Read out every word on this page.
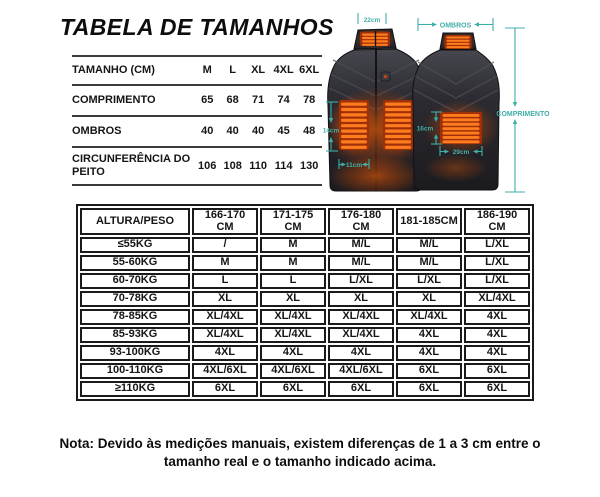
TABELA DE TAMANHOS
TAMANHO (CM)	M	L	XL	4XL	6XL
COMPRIMENTO	65	68	71	74	78
OMBROS	40	40	40	45	48
CIRCUNFERÊNCIA DO PEITO	106	108	110	114	130
22cm
14cm
11cm
OMBROS
16cm
29cm
COMPRIMENTO
ALTURA/PESO	166-170 CM	171-175 CM	176-180 CM	181-185CM	186-190 CM
≤55KG	/	M	M/L	M/L	L/XL
55-60KG	M	M	M/L	M/L	L/XL
60-70KG	L	L	L/XL	L/XL	L/XL
70-78KG	XL	XL	XL	XL	XL/4XL
78-85KG	XL/4XL	XL/4XL	XL/4XL	XL/4XL	4XL
85-93KG	XL/4XL	XL/4XL	XL/4XL	4XL	4XL
93-100KG	4XL	4XL	4XL	4XL	4XL
100-110KG	4XL/6XL	4XL/6XL	4XL/6XL	6XL	6XL
≥110KG	6XL	6XL	6XL	6XL	6XL
Nota: Devido às medições manuais, existem diferenças de 1 a 3 cm entre o tamanho real e o tamanho indicado acima.
